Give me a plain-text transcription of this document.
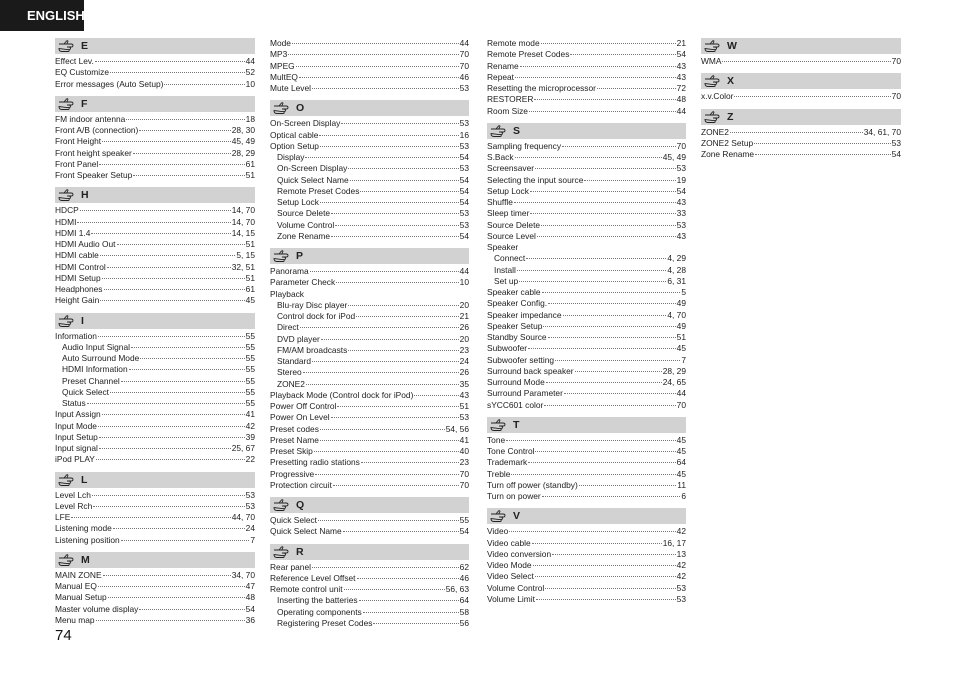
ENGLISH
E
Effect Lev.	44
EQ Customize	52
Error messages (Auto Setup)	10
F
FM indoor antenna	18
Front A/B (connection)	28, 30
Front Height	45, 49
Front height speaker	28, 29
Front Panel	61
Front Speaker Setup	51
H
HDCP	14, 70
HDMI	14, 70
HDMI 1.4	14, 15
HDMI Audio Out	51
HDMI cable	5, 15
HDMI Control	32, 51
HDMI Setup	51
Headphones	61
Height Gain	45
I
Information	55
Audio Input Signal	55
Auto Surround Mode	55
HDMI Information	55
Preset Channel	55
Quick Select	55
Status	55
Input Assign	41
Input Mode	42
Input Setup	39
Input signal	25, 67
iPod PLAY	22
L
Level Lch	53
Level Rch	53
LFE	44, 70
Listening mode	24
Listening position	7
M
MAIN ZONE	34, 70
Manual EQ	47
Manual Setup	48
Master volume display	54
Menu map	36
Mode	44
MP3	70
MPEG	70
MultEQ	46
Mute Level	53
O
On-Screen Display	53
Optical cable	16
Option Setup	53
Display	54
On-Screen Display	53
Quick Select Name	54
Remote Preset Codes	54
Setup Lock	54
Source Delete	53
Volume Control	53
Zone Rename	54
P
Panorama	44
Parameter Check	10
Playback
Blu-ray Disc player	20
Control dock for iPod	21
Direct	26
DVD player	20
FM/AM broadcasts	23
Standard	24
Stereo	26
ZONE2	35
Playback Mode (Control dock for iPod)	43
Power Off Control	51
Power On Level	53
Preset codes	54, 56
Preset Name	41
Preset Skip	40
Presetting radio stations	23
Progressive	70
Protection circuit	70
Q
Quick Select	55
Quick Select Name	54
R
Rear panel	62
Reference Level Offset	46
Remote control unit	56, 63
Inserting the batteries	64
Operating components	58
Registering Preset Codes	56
Remote mode	21
Remote Preset Codes	54
Rename	43
Repeat	43
Resetting the microprocessor	72
RESTORER	48
Room Size	44
S
Sampling frequency	70
S.Back	45, 49
Screensaver	53
Selecting the input source	19
Setup Lock	54
Shuffle	43
Sleep timer	33
Source Delete	53
Source Level	43
Speaker
Connect	4, 29
Install	4, 28
Set up	6, 31
Speaker cable	5
Speaker Config.	49
Speaker impedance	4, 70
Speaker Setup	49
Standby Source	51
Subwoofer	45
Subwoofer setting	7
Surround back speaker	28, 29
Surround Mode	24, 65
Surround Parameter	44
sYCC601 color	70
T
Tone	45
Tone Control	45
Trademark	64
Treble	45
Turn off power (standby)	11
Turn on power	6
V
Video	42
Video cable	16, 17
Video conversion	13
Video Mode	42
Video Select	42
Volume Control	53
Volume Limit	53
W
WMA	70
X
x.v.Color	70
Z
ZONE2	34, 61, 70
ZONE2 Setup	53
Zone Rename	54
74
